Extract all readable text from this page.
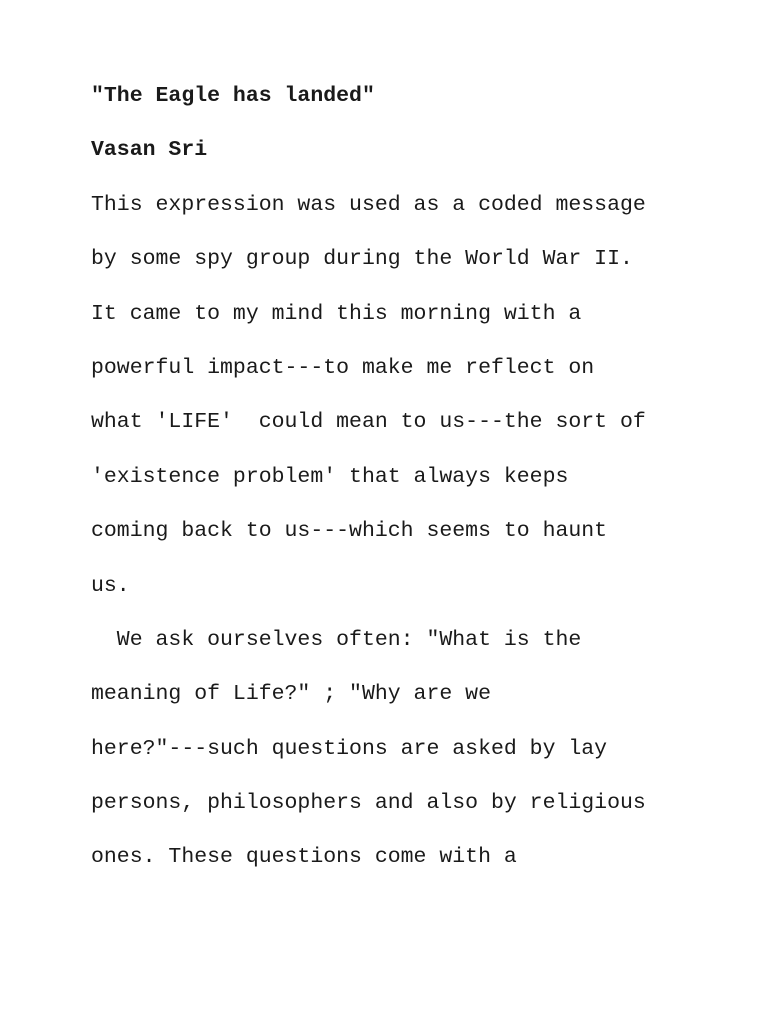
"The Eagle has landed"
Vasan Sri
This expression was used as a coded message
by some spy group during the World War II.
It came to my mind this morning with a
powerful impact---to make me reflect on
what 'LIFE'  could mean to us---the sort of
'existence problem' that always keeps
coming back to us---which seems to haunt
us.
We ask ourselves often: "What is the
meaning of Life?" ; "Why are we
here?"---such questions are asked by lay
persons, philosophers and also by religious
ones. These questions come with a
